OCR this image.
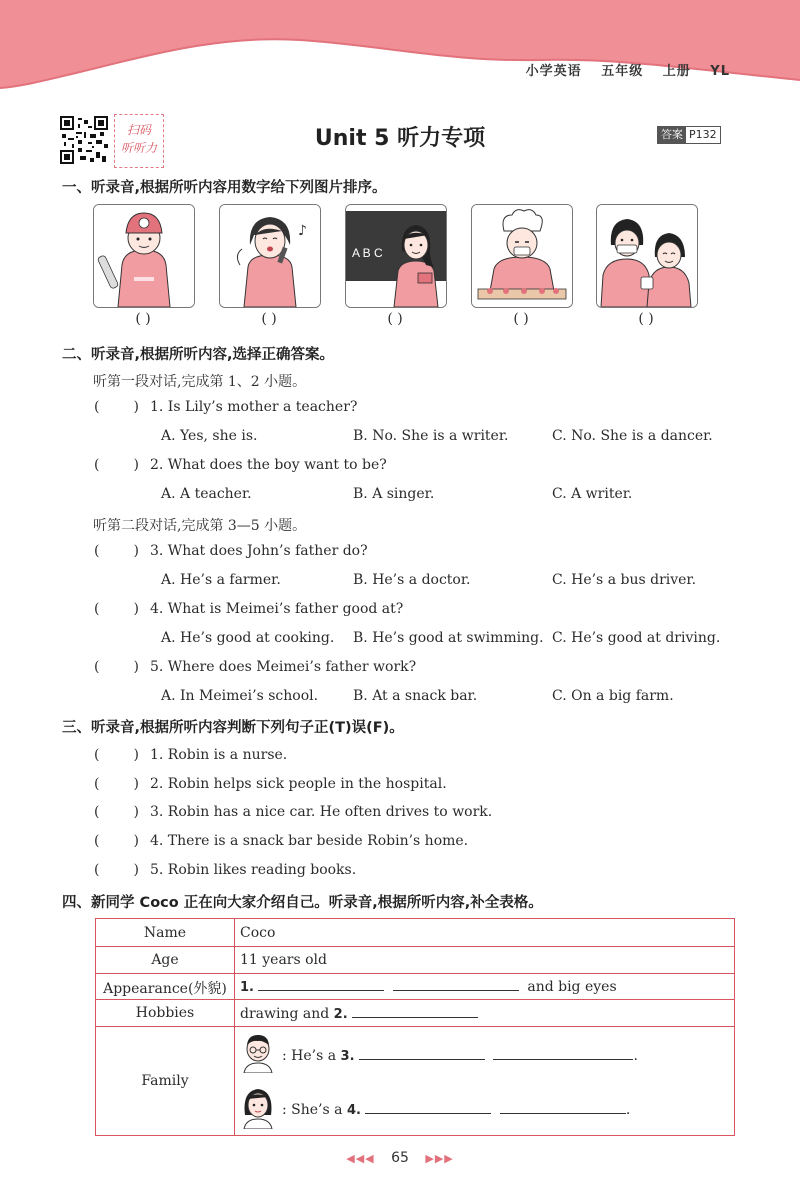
小学英语 五年级 上册 YL
扫码
听听力	Unit 5 听力专项	答案 P132
一、听录音,根据所听内容用数字给下列图片排序。
♪
A B C
( )	( )	( )	( )	( )
二、听录音,根据所听内容,选择正确答案。
听第一段对话,完成第 1、2 小题。
( ) 1. Is Lily’s mother a teacher?
A. Yes, she is.	B. No. She is a writer.	C. No. She is a dancer.
( ) 2. What does the boy want to be?
A. A teacher.	B. A singer.	C. A writer.
听第二段对话,完成第 3—5 小题。
( ) 3. What does John’s father do?
A. He’s a farmer.	B. He’s a doctor.	C. He’s a bus driver.
( ) 4. What is Meimei’s father good at?
A. He’s good at cooking. B. He’s good at swimming. C. He’s good at driving.
( ) 5. Where does Meimei’s father work?
A. In Meimei’s school. B. At a snack bar.	C. On a big farm.
三、听录音,根据所听内容判断下列句子正(T)误(F)。
( ) 1. Robin is a nurse.
( ) 2. Robin helps sick people in the hospital.
( ) 3. Robin has a nice car. He often drives to work.
( ) 4. There is a snack bar beside Robin’s home.
( ) 5. Robin likes reading books.
四、新同学 Coco 正在向大家介绍自己。听录音,根据所听内容,补全表格。
Name	Coco
Age	11 years old
Appearance(外貌)	1.	and big eyes
Hobbies	drawing and 2.
Family
: He’s a 3.	.
: She’s a 4.	.
◀◀◀ 65 ▶▶▶
